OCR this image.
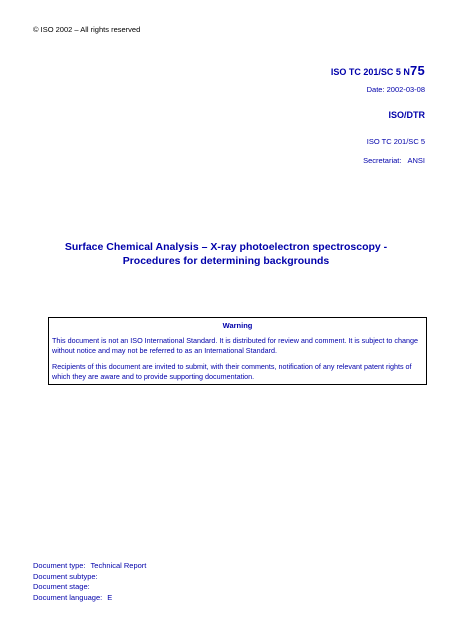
© ISO 2002 – All rights reserved
ISO TC 201/SC 5 N75
Date: 2002-03-08
ISO/DTR
ISO TC 201/SC 5
Secretariat: ANSI
Surface Chemical Analysis – X-ray photoelectron spectroscopy -
Procedures for determining backgrounds
Warning

This document is not an ISO International Standard. It is distributed for review and comment. It is subject to change without notice and may not be referred to as an International Standard.

Recipients of this document are invited to submit, with their comments, notification of any relevant patent rights of which they are aware and to provide supporting documentation.

Document type: Technical Report
Document subtype:
Document stage:
Document language: E
